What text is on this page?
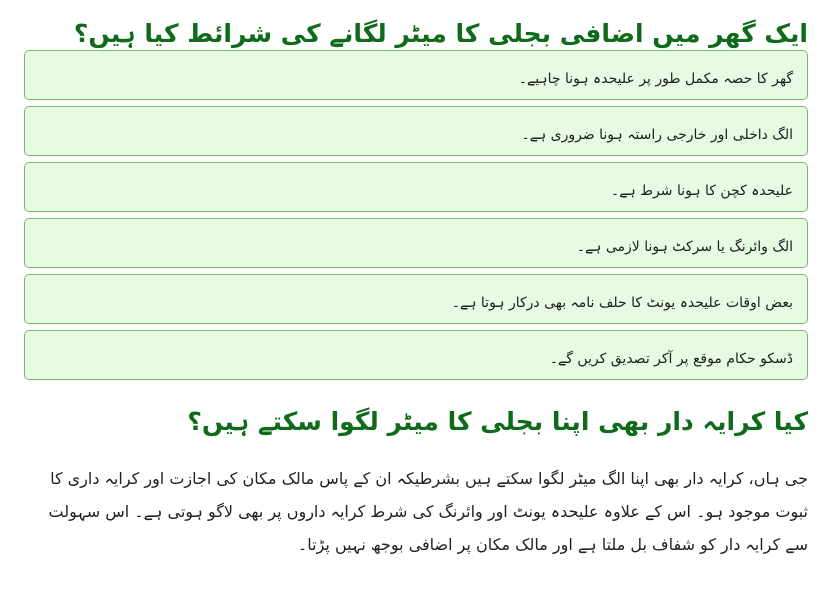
ایک گھر میں اضافی بجلی کا میٹر لگانے کی شرائط کیا ہیں؟
گھر کا حصہ مکمل طور پر علیحدہ ہونا چاہیے۔
الگ داخلی اور خارجی راستہ ہونا ضروری ہے۔
علیحدہ کچن کا ہونا شرط ہے۔
الگ وائرنگ یا سرکٹ ہونا لازمی ہے۔
بعض اوقات علیحدہ یونٹ کا حلف نامہ بھی درکار ہوتا ہے۔
ڈسکو حکام موقع پر آکر تصدیق کریں گے۔
کیا کرایہ دار بھی اپنا بجلی کا میٹر لگوا سکتے ہیں؟

جی ہاں، کرایہ دار بھی اپنا الگ میٹر لگوا سکتے ہیں بشرطیکہ ان کے پاس مالک مکان کی اجازت اور کرایہ داری کا ثبوت موجود ہو۔ اس کے علاوہ علیحدہ یونٹ اور وائرنگ کی شرط کرایہ داروں پر بھی لاگو ہوتی ہے۔ اس سہولت سے کرایہ دار کو شفاف بل ملتا ہے اور مالک مکان پر اضافی بوجھ نہیں پڑتا۔
